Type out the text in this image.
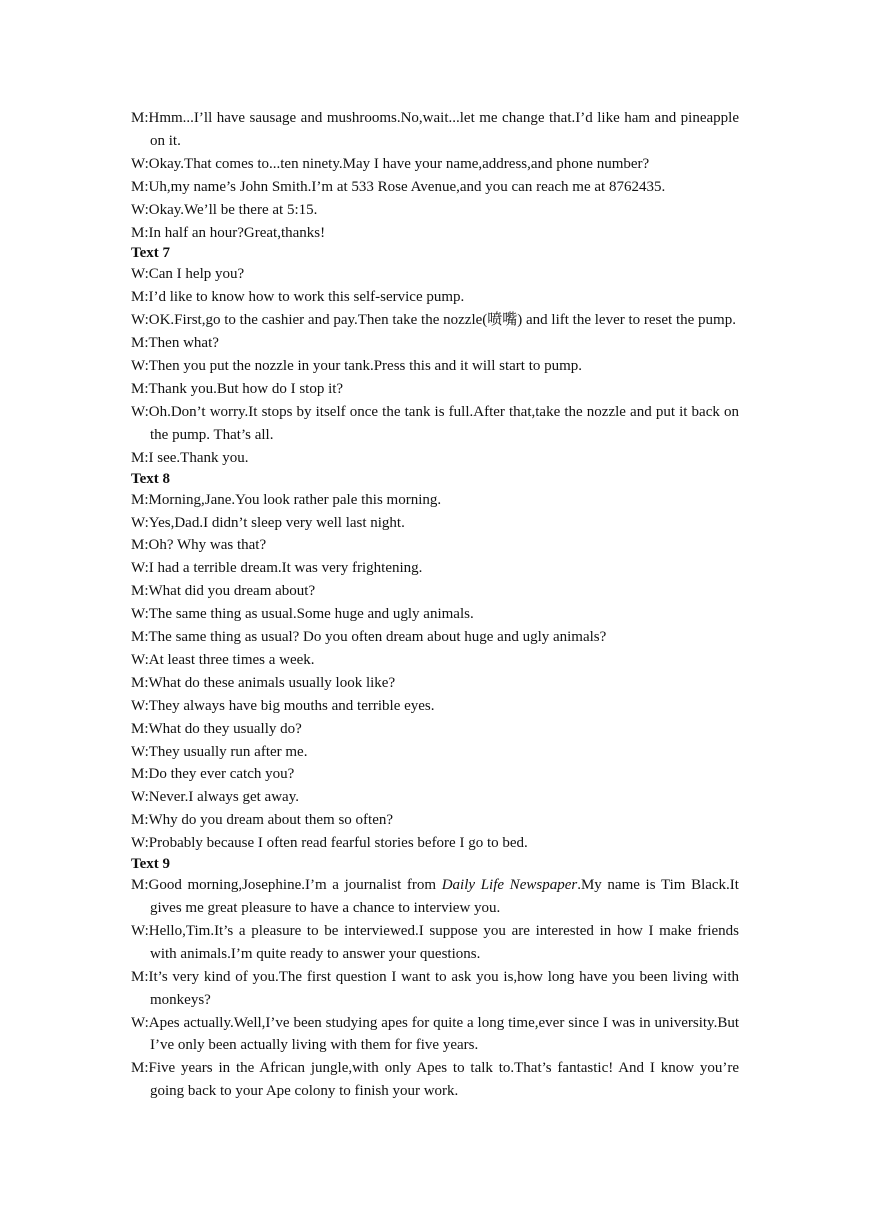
M:Hmm...I’ll have sausage and mushrooms.No,wait...let me change that.I’d like ham and pineapple on it.
W:Okay.That comes to...ten ninety.May I have your name,address,and phone number?
M:Uh,my name’s John Smith.I’m at 533 Rose Avenue,and you can reach me at 8762435.
W:Okay.We’ll be there at 5:15.
M:In half an hour?Great,thanks!
Text 7
W:Can I help you?
M:I’d like to know how to work this self-service pump.
W:OK.First,go to the cashier and pay.Then take the nozzle(喷嘴) and lift the lever to reset the pump.
M:Then what?
W:Then you put the nozzle in your tank.Press this and it will start to pump.
M:Thank you.But how do I stop it?
W:Oh.Don’t worry.It stops by itself once the tank is full.After that,take the nozzle and put it back on the pump. That’s all.
M:I see.Thank you.
Text 8
M:Morning,Jane.You look rather pale this morning.
W:Yes,Dad.I didn’t sleep very well last night.
M:Oh? Why was that?
W:I had a terrible dream.It was very frightening.
M:What did you dream about?
W:The same thing as usual.Some huge and ugly animals.
M:The same thing as usual? Do you often dream about huge and ugly animals?
W:At least three times a week.
M:What do these animals usually look like?
W:They always have big mouths and terrible eyes.
M:What do they usually do?
W:They usually run after me.
M:Do they ever catch you?
W:Never.I always get away.
M:Why do you dream about them so often?
W:Probably because I often read fearful stories before I go to bed.
Text 9
M:Good morning,Josephine.I’m a journalist from Daily Life Newspaper.My name is Tim Black.It gives me great pleasure to have a chance to interview you.
W:Hello,Tim.It’s a pleasure to be interviewed.I suppose you are interested in how I make friends with animals.I’m quite ready to answer your questions.
M:It’s very kind of you.The first question I want to ask you is,how long have you been living with monkeys?
W:Apes actually.Well,I’ve been studying apes for quite a long time,ever since I was in university.But I’ve only been actually living with them for five years.
M:Five years in the African jungle,with only Apes to talk to.That’s fantastic! And I know you’re going back to your Ape colony to finish your work.
